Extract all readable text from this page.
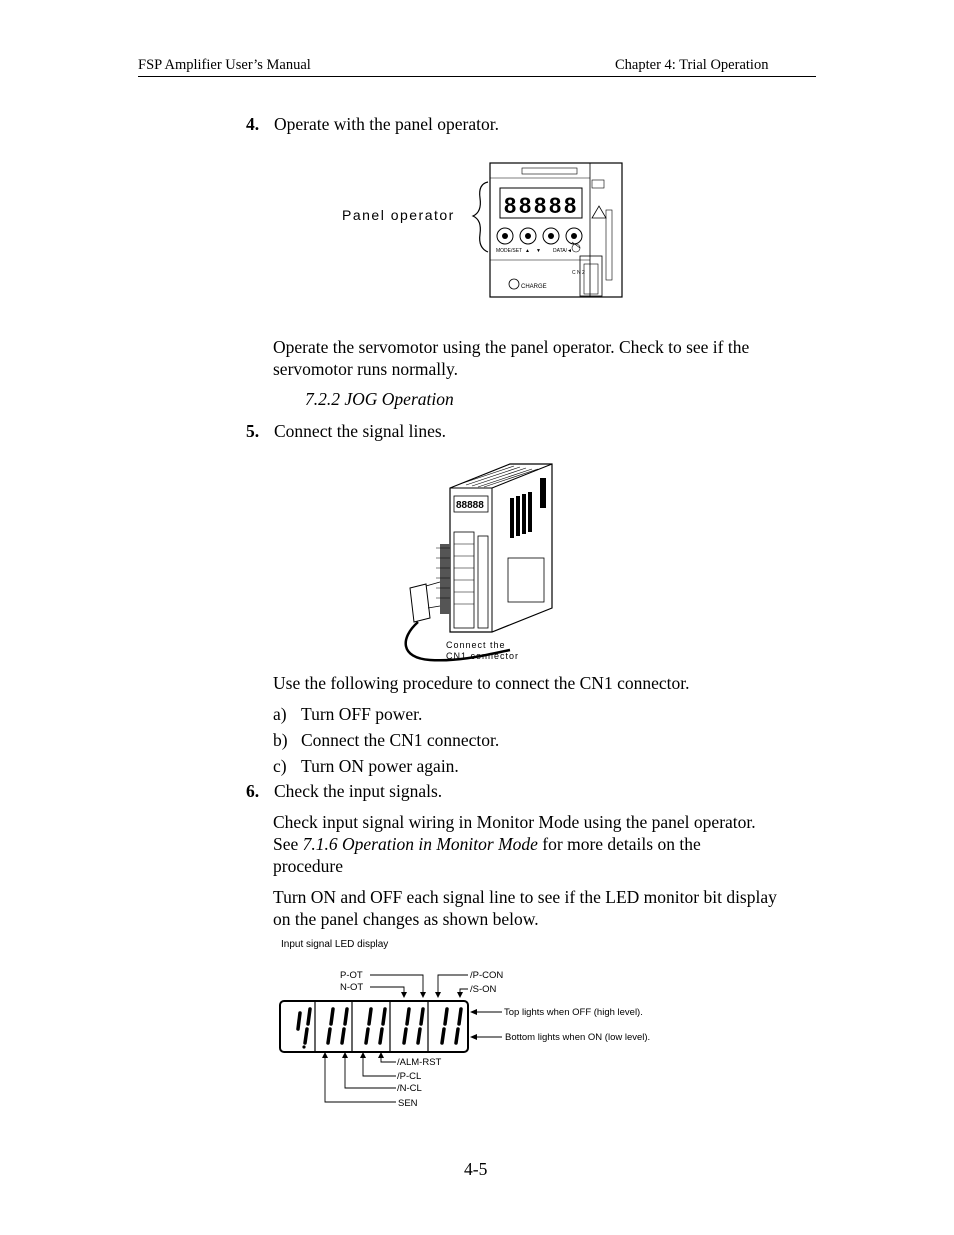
FSP Amplifier User’s Manual	Chapter 4: Trial Operation
4. Operate with the panel operator.
Panel operator 8 8 8 8 8
MODE/SET ▲ ▼ DATA/◄
CHARGE
C N 2
Operate the servomotor using the panel operator. Check to see if the servomotor runs normally.
7.2.2 JOG Operation
5. Connect the signal lines.
88888
Connect the
CN1 connector
Use the following procedure to connect the CN1 connector.
a) Turn OFF power.
b) Connect the CN1 connector.
c) Turn ON power again.
6. Check the input signals.
Check input signal wiring in Monitor Mode using the panel operator.
See 7.1.6 Operation in Monitor Mode for more details on the
procedure
Turn ON and OFF each signal line to see if the LED monitor bit display
on the panel changes as shown below.
Input signal LED display
P-OT
N-OT
/P-CON
/S-ON
Top lights when OFF (high level).
Bottom lights when ON (low level).
/ALM-RST
/P-CL
/N-CL
SEN
4-5
